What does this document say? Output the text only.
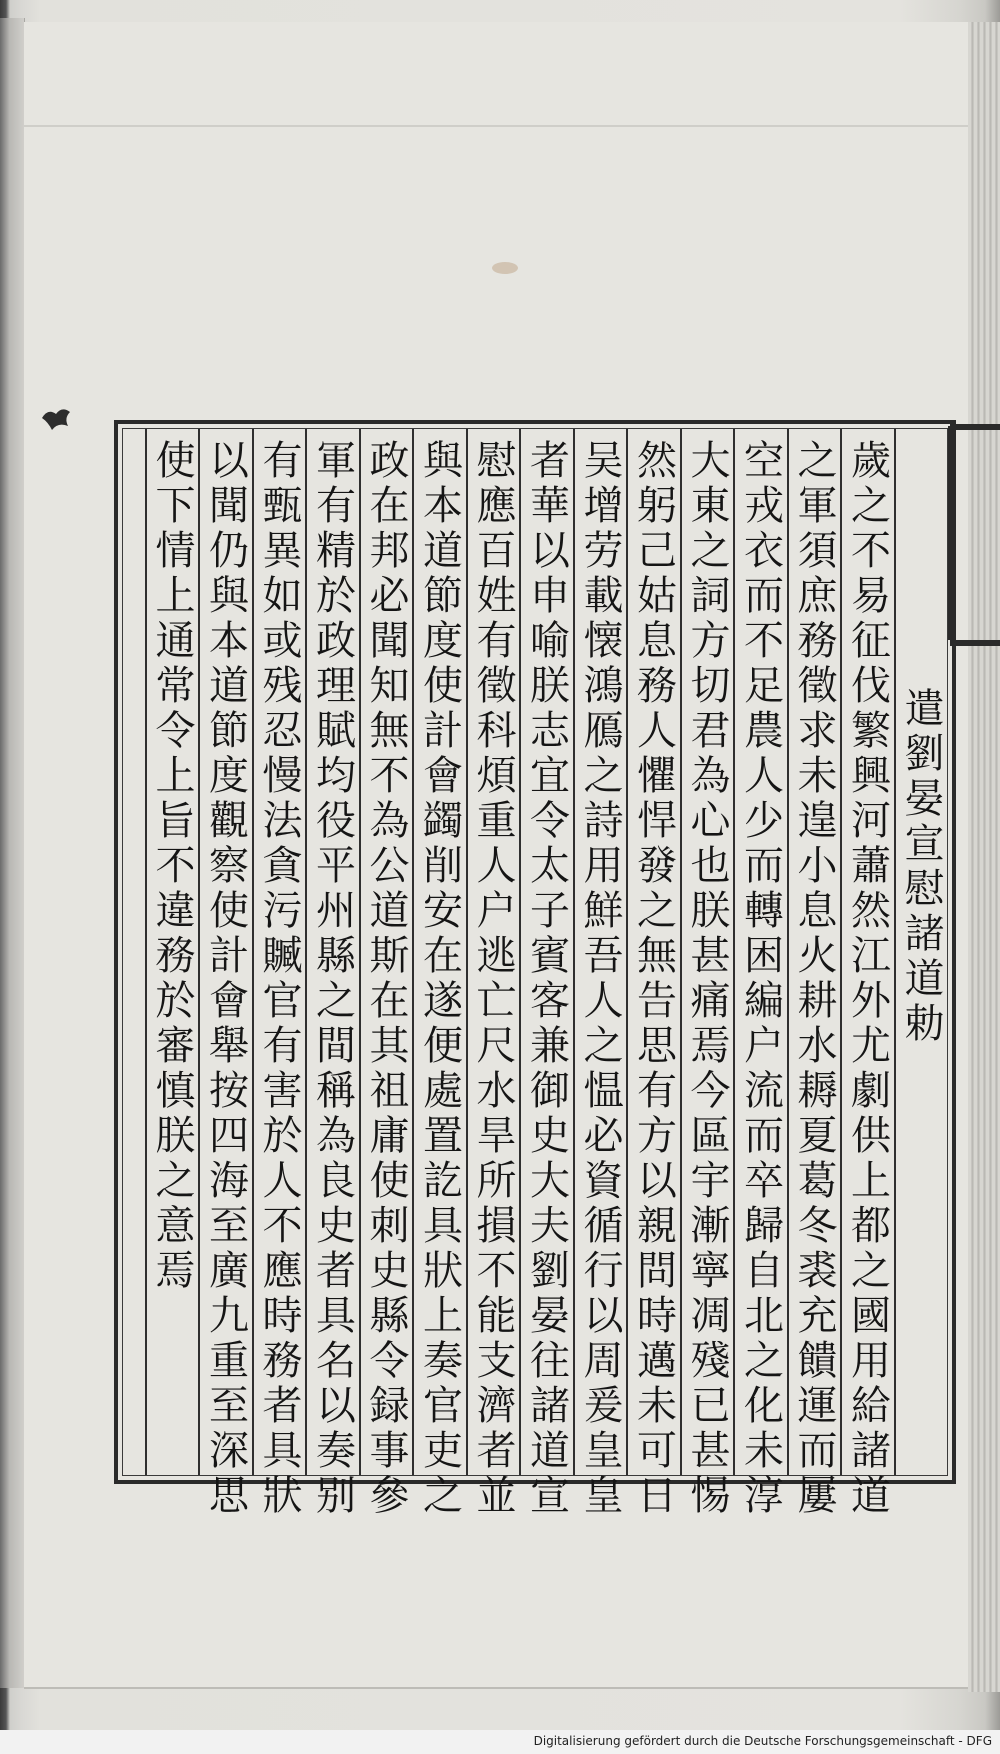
遣劉晏宣慰諸道勅
歲之不易征伐繁興河蕭然江外尤劇供上都之國用給諸道
之軍須庶務徵求未遑小息火耕水耨夏葛冬裘充饋運而屢
空戎衣而不足農人少而轉困編户流而卒歸自北之化未淳
大東之詞方切君為心也朕甚痛焉今區宇漸寧凋殘已甚惕
然躬己姑息務人懼悍發之無告思有方以親問時邁未可日
吴增劳載懐鴻鴈之詩用鮮吾人之愠必資循行以周爰皇皇
者華以申喻朕志宜令太子賓客兼御史大夫劉晏往諸道宣
慰應百姓有徵科煩重人户逃亡尺水旱所損不能支濟者並
與本道節度使計會蠲削安在遂便處置訖具狀上奏官吏之
政在邦必聞知無不為公道斯在其祖庸使刺史縣令録事參
軍有精於政理賦均役平州縣之間稱為良史者具名以奏别
有甄異如或残忍慢法貪污贓官有害於人不應時務者具狀
以聞仍與本道節度觀察使計會舉按四海至廣九重至深思
使下情上通常令上旨不違務於審慎朕之意焉
Digitalisierung gefördert durch die Deutsche Forschungsgemeinschaft - DFG
